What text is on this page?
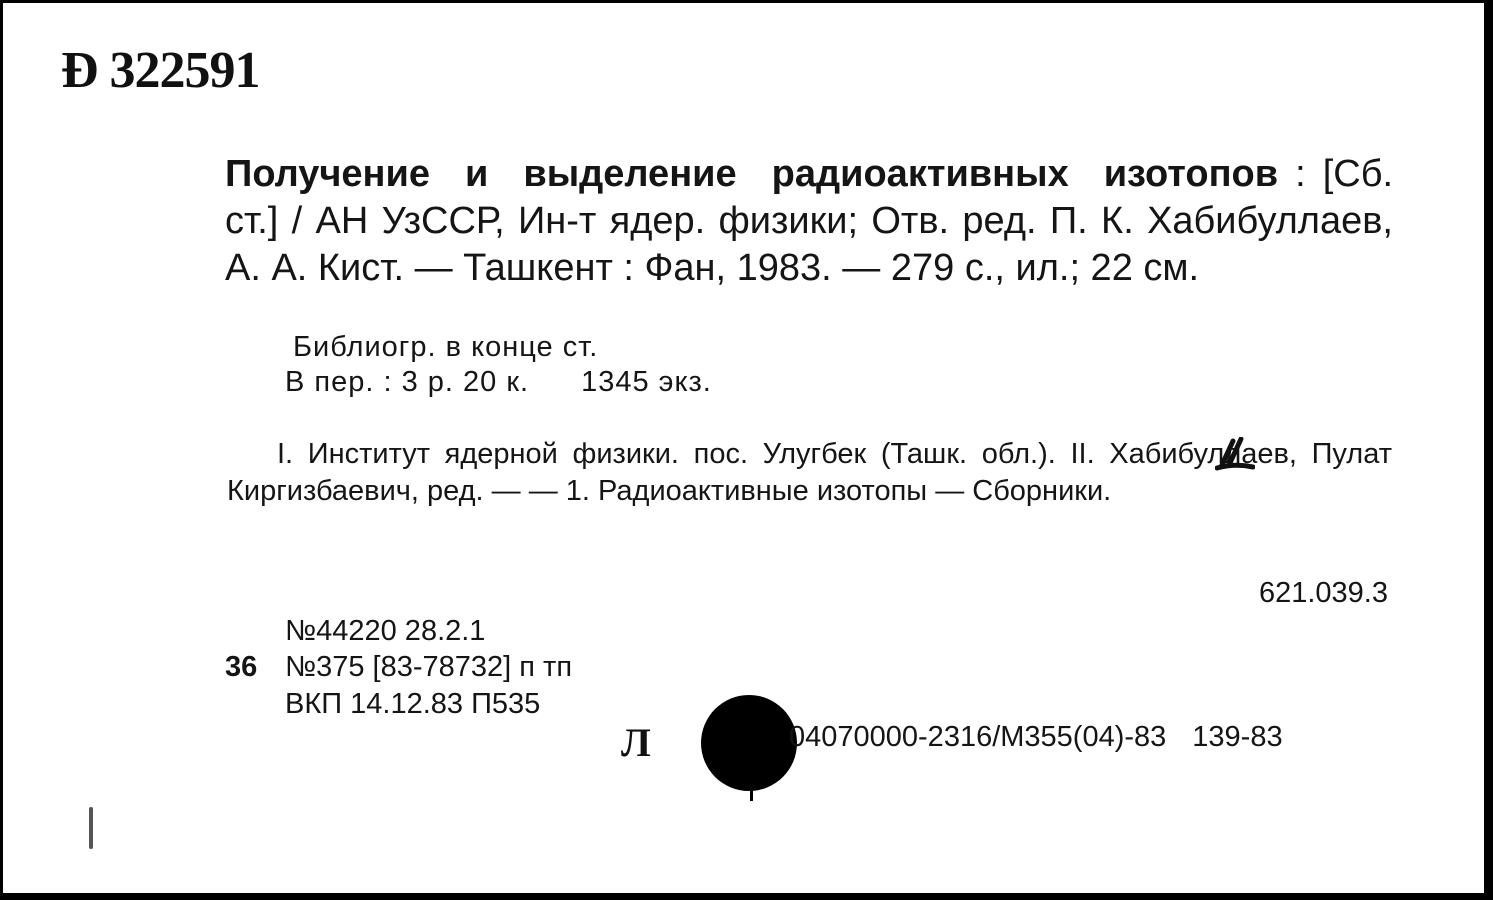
Ɖ 322591
Получение и выделение радиоактивных изотопов : [Сб. ст.] / АН УзССР, Ин-т ядер. физики; Отв. ред. П. К. Хабибуллаев, А. А. Кист. — Ташкент : Фан, 1983. — 279 с., ил.; 22 см.
Библиогр. в конце ст.
В пер. : 3 р. 20 к. 1345 экз.
I. Институт ядерной физики. пос. Улугбек (Ташк. обл.). II. Хабибуллаев, Пулат Киргизбаевич, ред. — — 1. Радиоактивные изотопы — Сборники.
621.039.3
№44220 28.2.1
36 №375 [83-78732] п тп
ВКП 14.12.83 П535
Л	04070000-2316/М355(04)-83 139-83
